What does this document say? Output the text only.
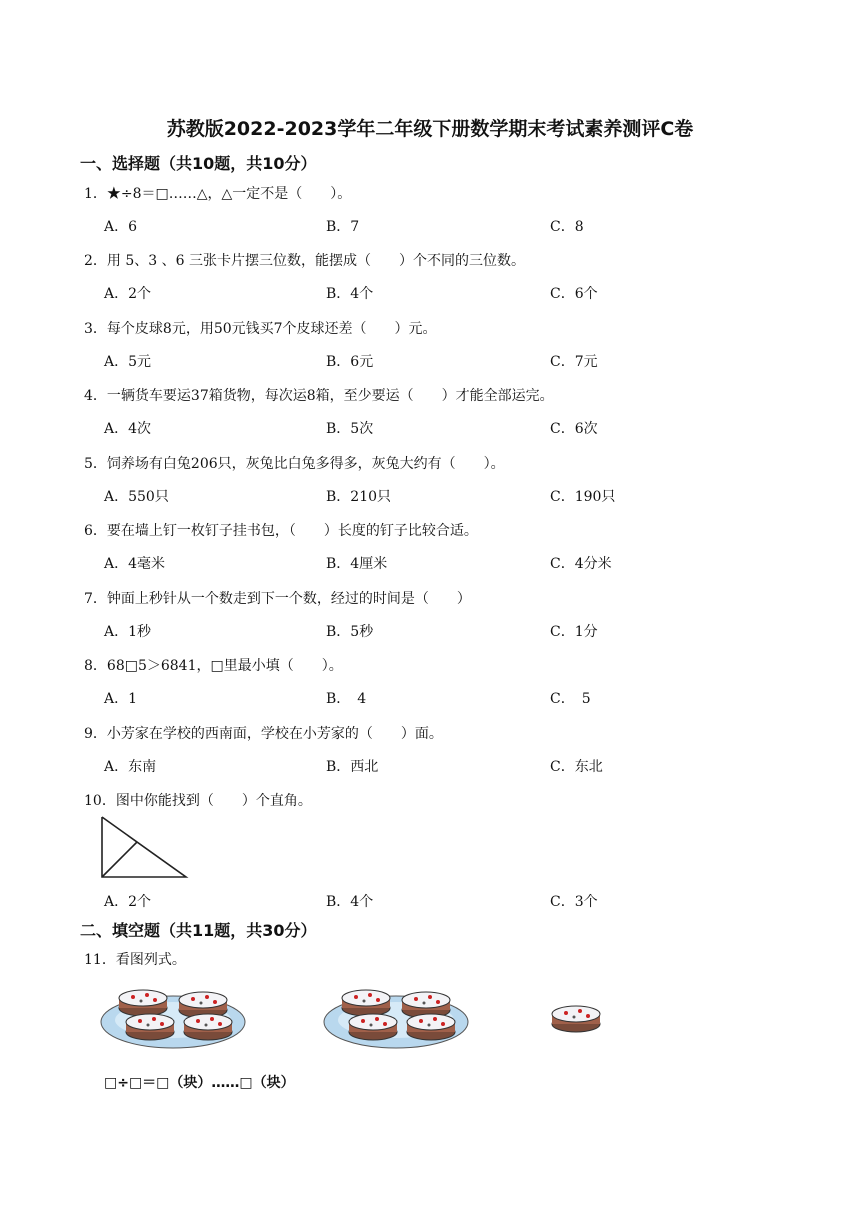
苏教版2022-2023学年二年级下册数学期末考试素养测评C卷
一、选择题（共10题，共10分）
1．★÷8＝□……△，△一定不是（　　）。
A．6	B．7	C．8
2．用 5、3 、6 三张卡片摆三位数，能摆成（　　）个不同的三位数。
A．2个	B．4个	C．6个
3．每个皮球8元，用50元钱买7个皮球还差（　　）元。
A．5元	B．6元	C．7元
4．一辆货车要运37箱货物，每次运8箱，至少要运（　　）才能全部运完。
A．4次	B．5次	C．6次
5．饲养场有白兔206只，灰兔比白兔多得多，灰兔大约有（　　）。
A．550只	B．210只	C．190只
6．要在墙上钉一枚钉子挂书包，（　　）长度的钉子比较合适。
A．4毫米	B．4厘米	C．4分米
7．钟面上秒针从一个数走到下一个数，经过的时间是（　　）
A．1秒	B．5秒	C．1分
8．68□5＞6841，□里最小填（　　）。
A．1	B．　4	C．　5
9．小芳家在学校的西南面，学校在小芳家的（　　）面。
A．东南	B．西北	C．东北
10．图中你能找到（　　）个直角。
A．2个	B．4个	C．3个
二、填空题（共11题，共30分）
11．看图列式。
□÷□＝□（块）……□（块）
